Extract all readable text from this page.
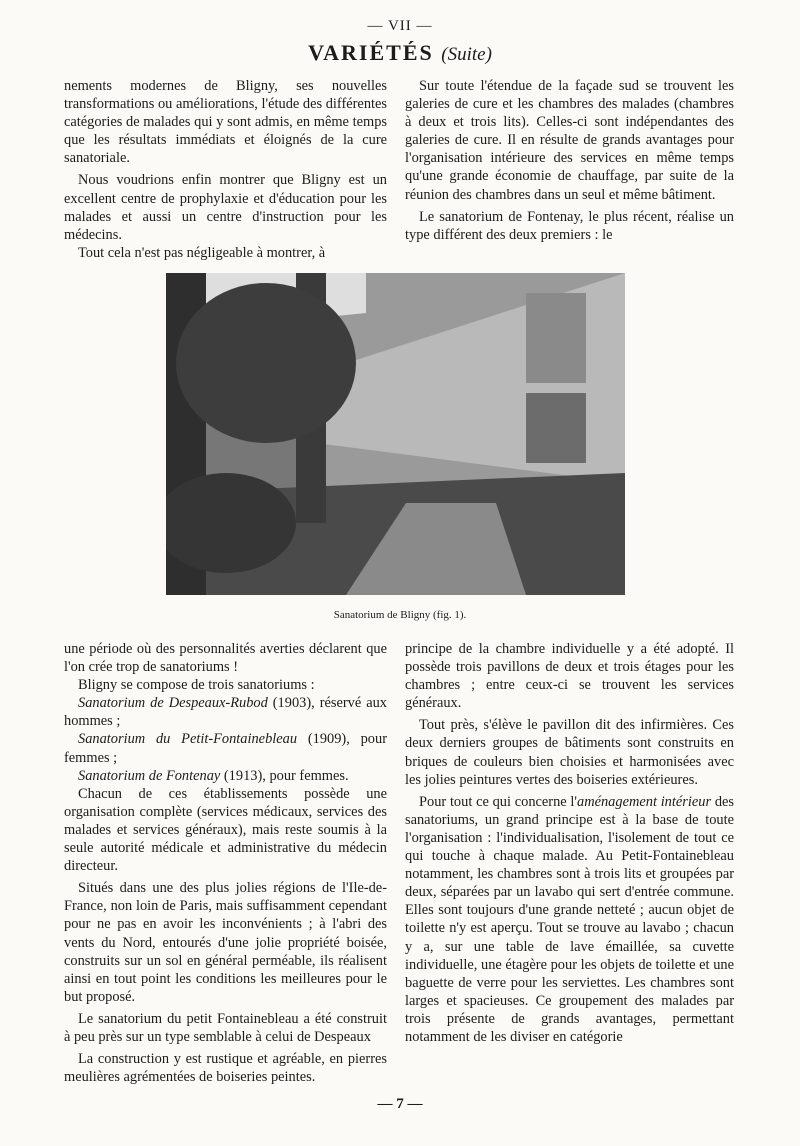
— VII —
VARIÉTÉS (Suite)

nements modernes de Bligny, ses nouvelles transformations ou améliorations, l'étude des différentes catégories de malades qui y sont admis, en même temps que les résultats immédiats et éloignés de la cure sanatoriale.

Nous voudrions enfin montrer que Bligny est un excellent centre de prophylaxie et d'éducation pour les malades et aussi un centre d'instruction pour les médecins.

Tout cela n'est pas négligeable à montrer, à

Sur toute l'étendue de la façade sud se trouvent les galeries de cure et les chambres des malades (chambres à deux et trois lits). Celles-ci sont indépendantes des galeries de cure. Il en résulte de grands avantages pour l'organisation intérieure des services en même temps qu'une grande économie de chauffage, par suite de la réunion des chambres dans un seul et même bâtiment.

Le sanatorium de Fontenay, le plus récent, réalise un type différent des deux premiers : le

Sanatorium de Bligny (fig. 1).

une période où des personnalités averties déclarent que l'on crée trop de sanatoriums !

Bligny se compose de trois sanatoriums :

Sanatorium de Despeaux-Rubod (1903), réservé aux hommes ;

Sanatorium du Petit-Fontainebleau (1909), pour femmes ;

Sanatorium de Fontenay (1913), pour femmes.

Chacun de ces établissements possède une organisation complète (services médicaux, services des malades et services généraux), mais reste soumis à la seule autorité médicale et administrative du médecin directeur.

Situés dans une des plus jolies régions de l'Ile-de-France, non loin de Paris, mais suffisamment cependant pour ne pas en avoir les inconvénients ; à l'abri des vents du Nord, entourés d'une jolie propriété boisée, construits sur un sol en général perméable, ils réalisent ainsi en tout point les conditions les meilleures pour le but proposé.

Le sanatorium du petit Fontainebleau a été construit à peu près sur un type semblable à celui de Despeaux

La construction y est rustique et agréable, en pierres meulières agrémentées de boiseries peintes.

principe de la chambre individuelle y a été adopté. Il possède trois pavillons de deux et trois étages pour les chambres ; entre ceux-ci se trouvent les services généraux.

Tout près, s'élève le pavillon dit des infirmières. Ces deux derniers groupes de bâtiments sont construits en briques de couleurs bien choisies et harmonisées avec les jolies peintures vertes des boiseries extérieures.

Pour tout ce qui concerne l'aménagement intérieur des sanatoriums, un grand principe est à la base de toute l'organisation : l'individualisation, l'isolement de tout ce qui touche à chaque malade. Au Petit-Fontainebleau notamment, les chambres sont à trois lits et groupées par deux, séparées par un lavabo qui sert d'entrée commune. Elles sont toujours d'une grande netteté ; aucun objet de toilette n'y est aperçu. Tout se trouve au lavabo ; chacun y a, sur une table de lave émaillée, sa cuvette individuelle, une étagère pour les objets de toilette et une baguette de verre pour les serviettes. Les chambres sont larges et spacieuses. Ce groupement des malades par trois présente de grands avantages, permettant notamment de les diviser en catégorie

— 7 —
